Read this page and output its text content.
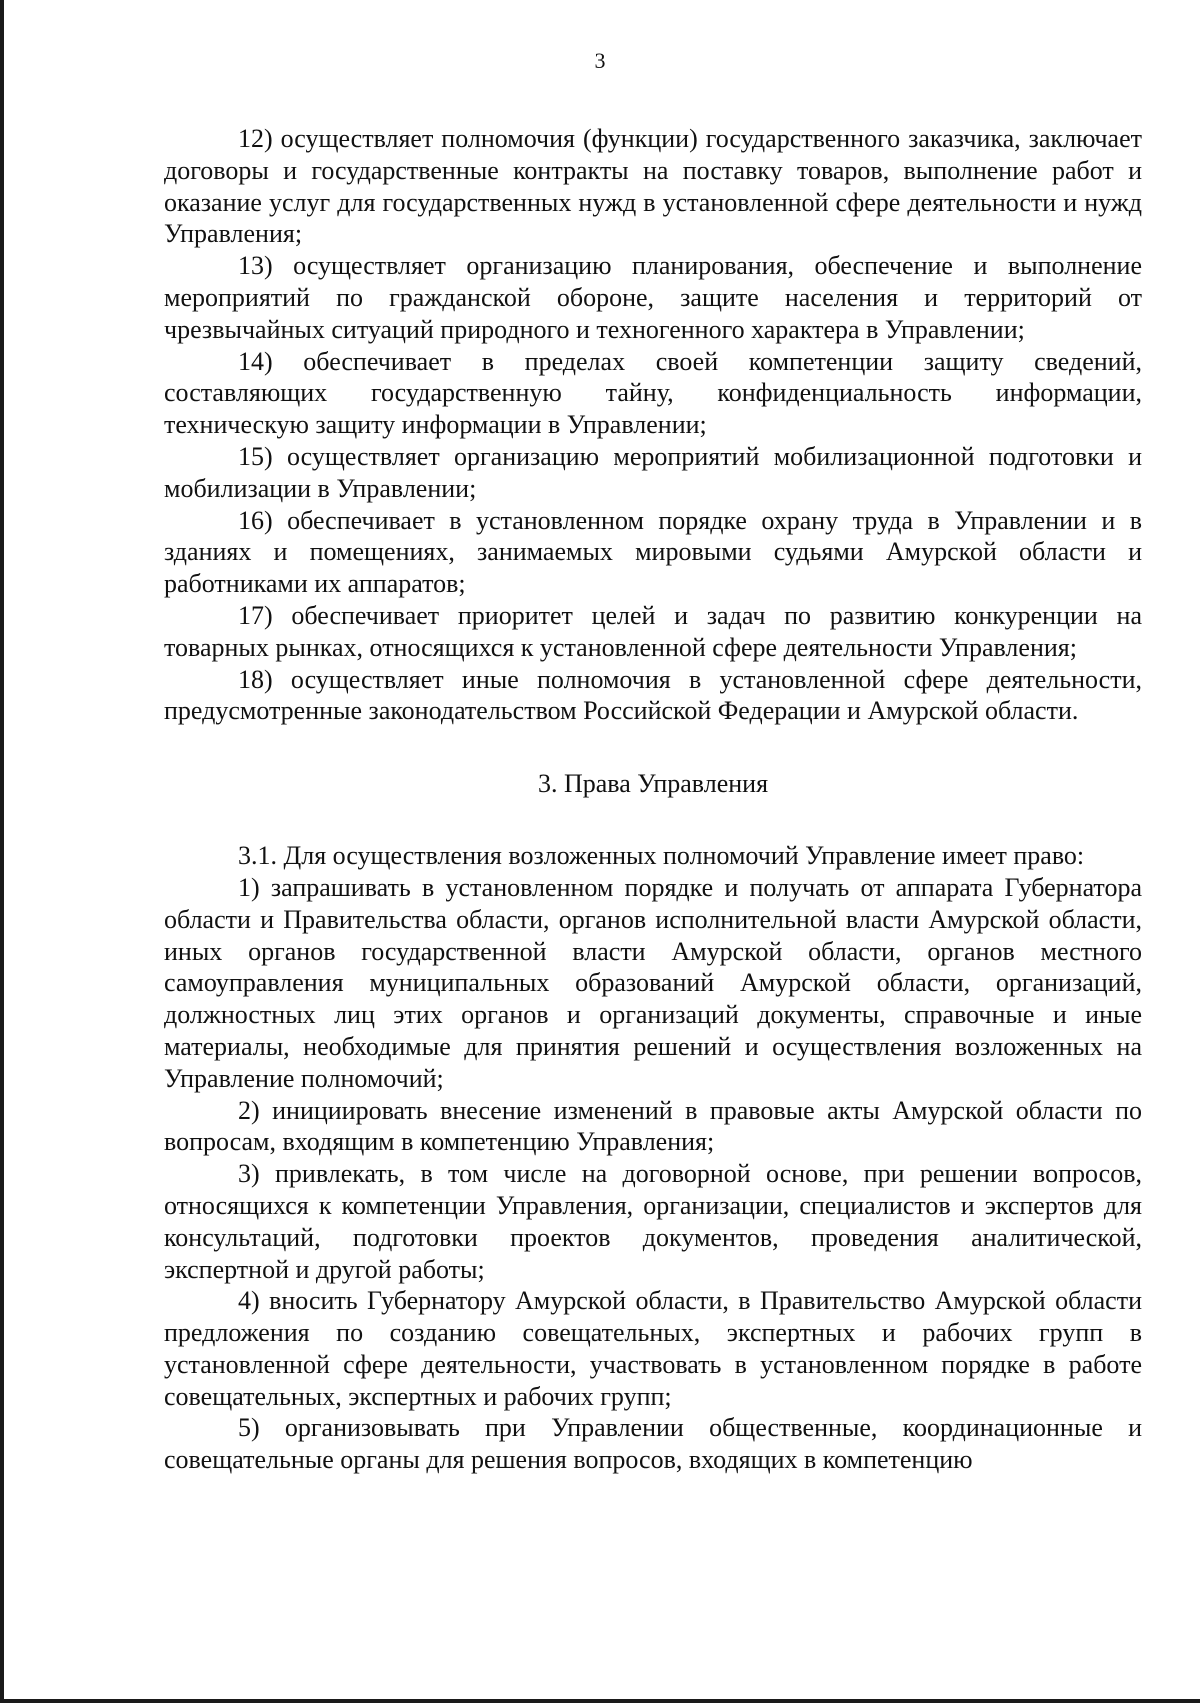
3

12) осуществляет полномочия (функции) государственного заказчика, заключает договоры и государственные контракты на поставку товаров, выполнение работ и оказание услуг для государственных нужд в установленной сфере деятельности и нужд Управления;

13) осуществляет организацию планирования, обеспечение и выполнение мероприятий по гражданской обороне, защите населения и территорий от чрезвычайных ситуаций природного и техногенного характера в Управлении;

14) обеспечивает в пределах своей компетенции защиту сведений, составляющих государственную тайну, конфиденциальность информации, техническую защиту информации в Управлении;

15) осуществляет организацию мероприятий мобилизационной подготовки и мобилизации в Управлении;

16) обеспечивает в установленном порядке охрану труда в Управлении и в зданиях и помещениях, занимаемых мировыми судьями Амурской области и работниками их аппаратов;

17) обеспечивает приоритет целей и задач по развитию конкуренции на товарных рынках, относящихся к установленной сфере деятельности Управления;

18) осуществляет иные полномочия в установленной сфере деятельности, предусмотренные законодательством Российской Федерации и Амурской области.

3. Права Управления

3.1. Для осуществления возложенных полномочий Управление имеет право:

1) запрашивать в установленном порядке и получать от аппарата Губернатора области и Правительства области, органов исполнительной власти Амурской области, иных органов государственной власти Амурской области, органов местного самоуправления муниципальных образований Амурской области, организаций, должностных лиц этих органов и организаций документы, справочные и иные материалы, необходимые для принятия решений и осуществления возложенных на Управление полномочий;

2) инициировать внесение изменений в правовые акты Амурской области по вопросам, входящим в компетенцию Управления;

3) привлекать, в том числе на договорной основе, при решении вопросов, относящихся к компетенции Управления, организации, специалистов и экспертов для консультаций, подготовки проектов документов, проведения аналитической, экспертной и другой работы;

4) вносить Губернатору Амурской области, в Правительство Амурской области предложения по созданию совещательных, экспертных и рабочих групп в установленной сфере деятельности, участвовать в установленном порядке в работе совещательных, экспертных и рабочих групп;

5) организовывать при Управлении общественные, координационные и совещательные органы для решения вопросов, входящих в компетенцию
